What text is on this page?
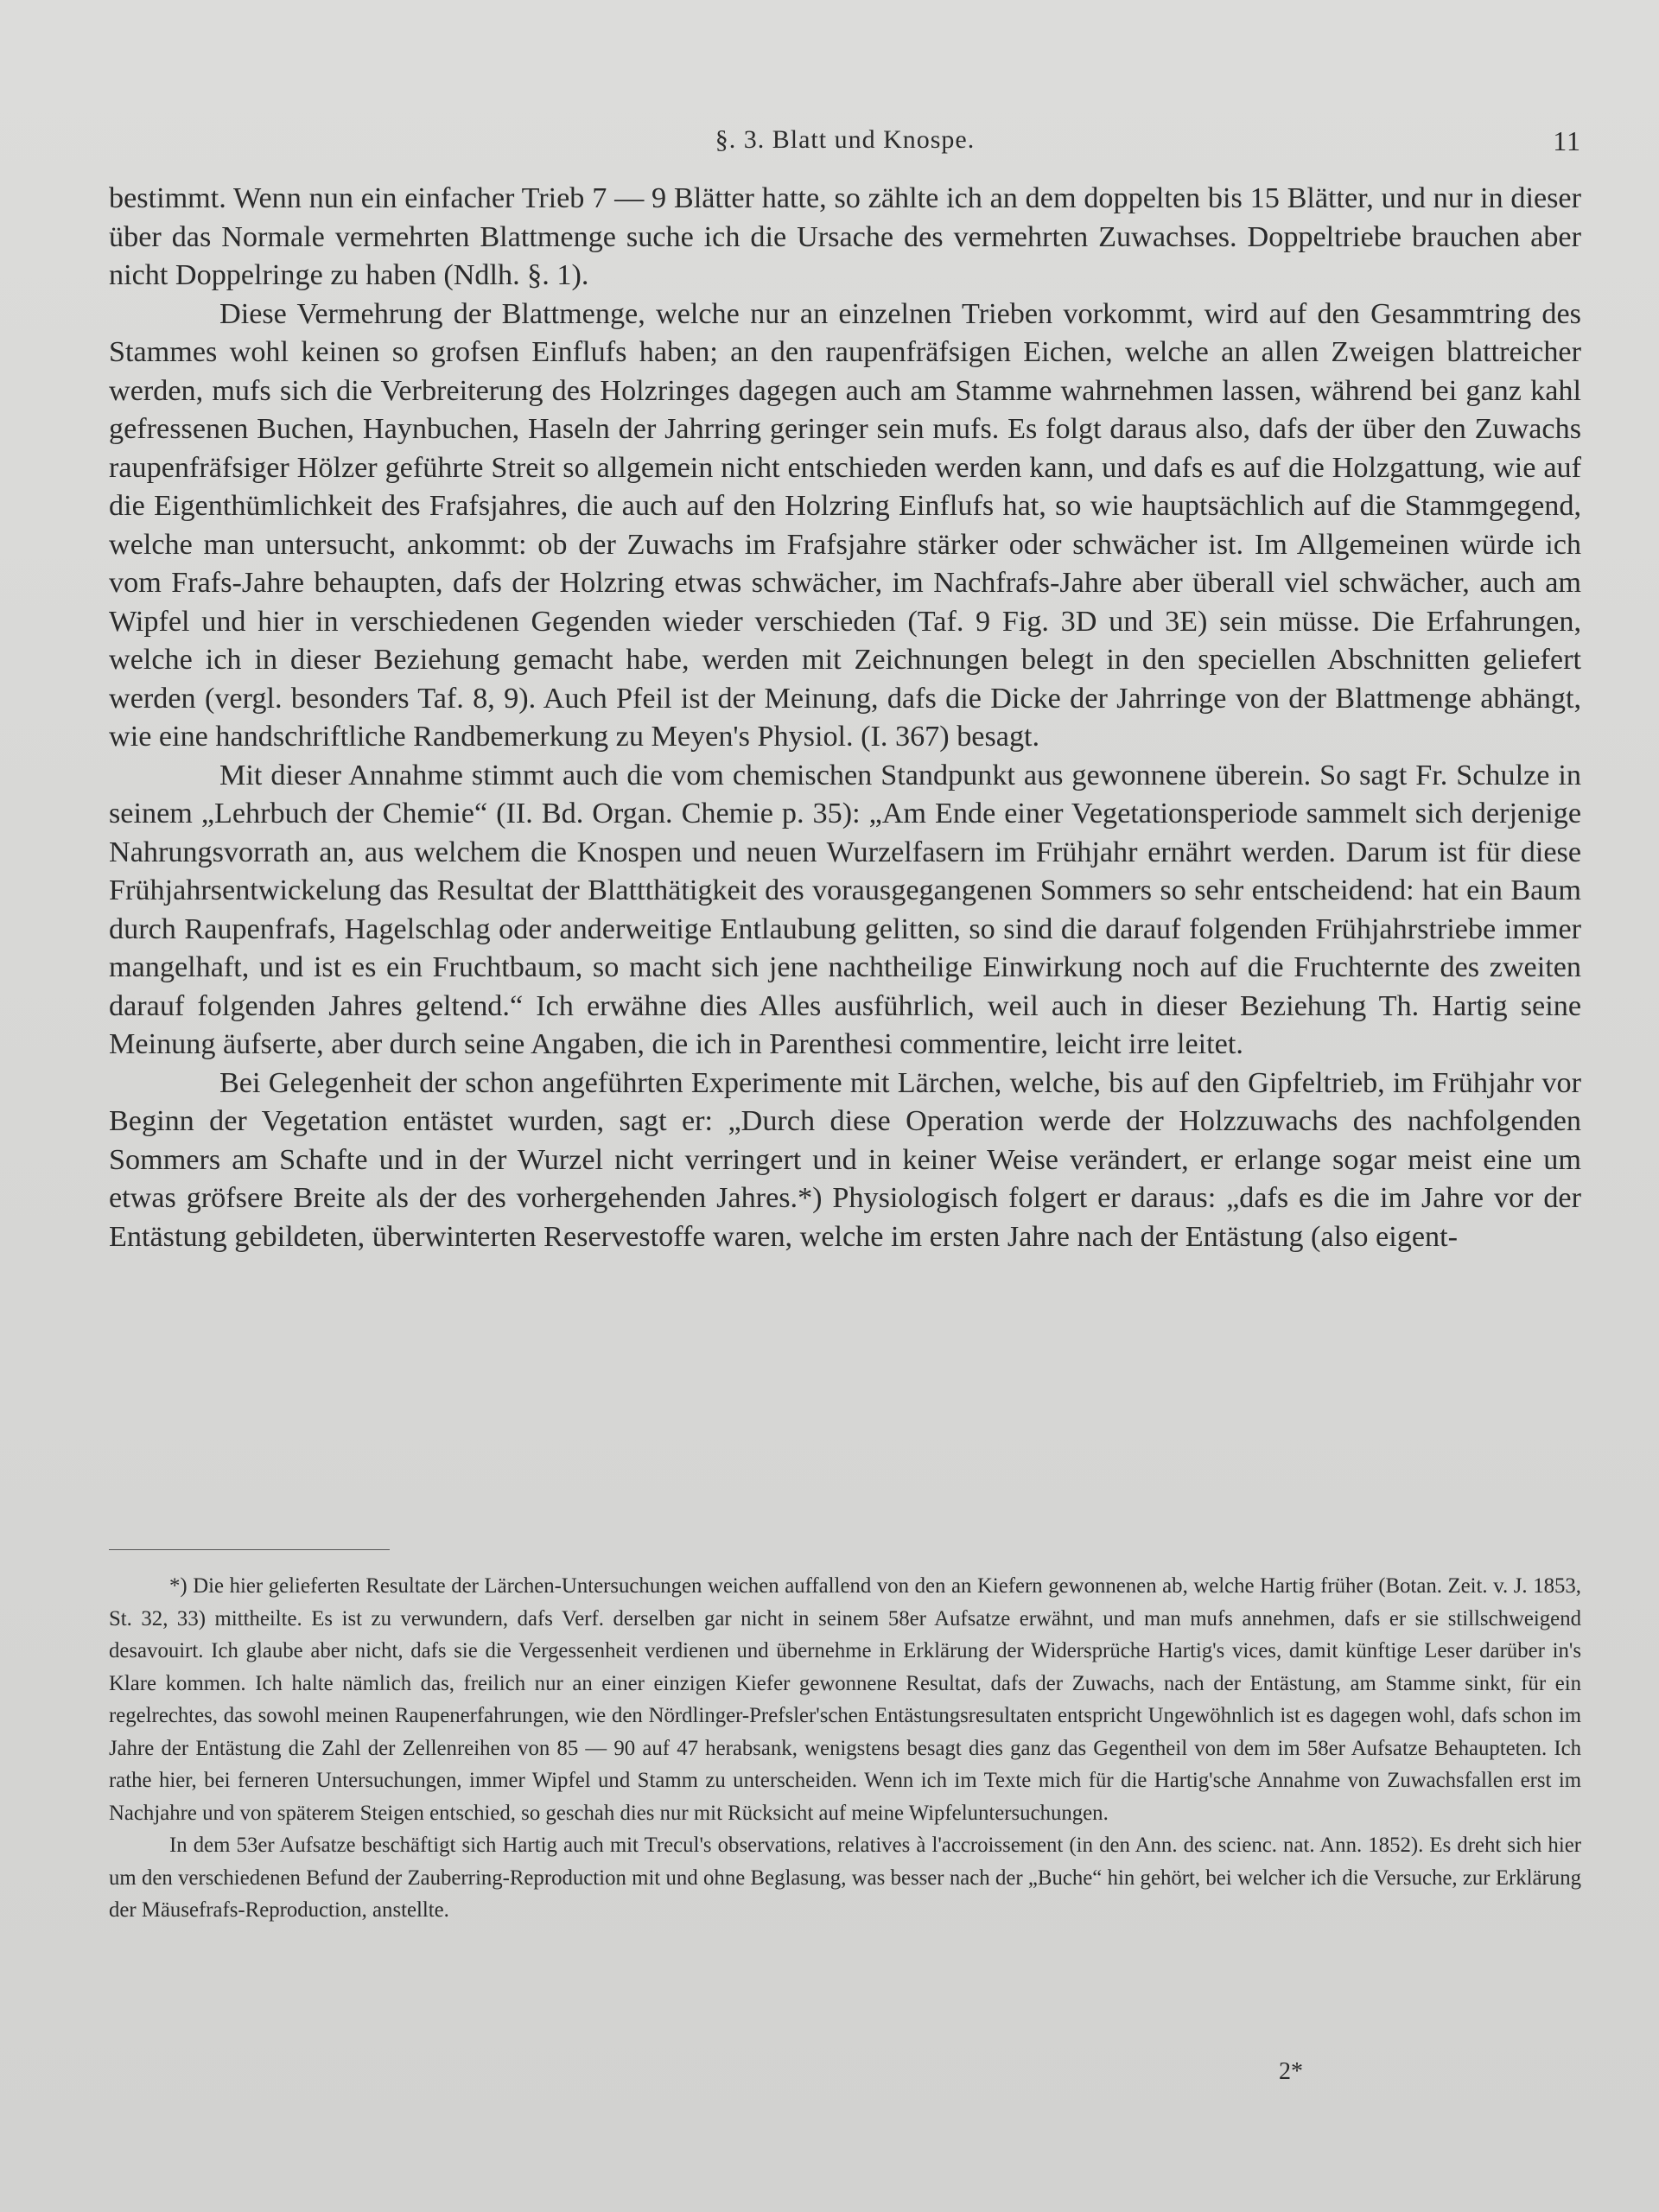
§. 3. Blatt und Knospe.	11

bestimmt. Wenn nun ein einfacher Trieb 7 — 9 Blätter hatte, so zählte ich an dem doppelten bis 15 Blätter, und nur in dieser über das Normale vermehrten Blattmenge suche ich die Ursache des vermehrten Zuwachses. Doppeltriebe brauchen aber nicht Doppelringe zu haben (Ndlh. §. 1).

Diese Vermehrung der Blattmenge, welche nur an einzelnen Trieben vorkommt, wird auf den Gesammtring des Stammes wohl keinen so grofsen Einflufs haben; an den raupenfräfsigen Eichen, welche an allen Zweigen blattreicher werden, mufs sich die Verbreiterung des Holzringes dagegen auch am Stamme wahrnehmen lassen, während bei ganz kahl gefressenen Buchen, Haynbuchen, Haseln der Jahrring geringer sein mufs. Es folgt daraus also, dafs der über den Zuwachs raupenfräfsiger Hölzer geführte Streit so allgemein nicht entschieden werden kann, und dafs es auf die Holzgattung, wie auf die Eigenthümlichkeit des Frafsjahres, die auch auf den Holzring Einflufs hat, so wie hauptsächlich auf die Stammgegend, welche man untersucht, ankommt: ob der Zuwachs im Frafsjahre stärker oder schwächer ist. Im Allgemeinen würde ich vom Frafs-Jahre behaupten, dafs der Holzring etwas schwächer, im Nachfrafs-Jahre aber überall viel schwächer, auch am Wipfel und hier in verschiedenen Gegenden wieder verschieden (Taf. 9 Fig. 3D und 3E) sein müsse. Die Erfahrungen, welche ich in dieser Beziehung gemacht habe, werden mit Zeichnungen belegt in den speciellen Abschnitten geliefert werden (vergl. besonders Taf. 8, 9). Auch Pfeil ist der Meinung, dafs die Dicke der Jahrringe von der Blattmenge abhängt, wie eine handschriftliche Randbemerkung zu Meyen's Physiol. (I. 367) besagt.

Mit dieser Annahme stimmt auch die vom chemischen Standpunkt aus gewonnene überein. So sagt Fr. Schulze in seinem „Lehrbuch der Chemie“ (II. Bd. Organ. Chemie p. 35): „Am Ende einer Vegetationsperiode sammelt sich derjenige Nahrungsvorrath an, aus welchem die Knospen und neuen Wurzelfasern im Frühjahr ernährt werden. Darum ist für diese Frühjahrsentwickelung das Resultat der Blattthätigkeit des vorausgegangenen Sommers so sehr entscheidend: hat ein Baum durch Raupenfrafs, Hagelschlag oder anderweitige Entlaubung gelitten, so sind die darauf folgenden Frühjahrstriebe immer mangelhaft, und ist es ein Fruchtbaum, so macht sich jene nachtheilige Einwirkung noch auf die Fruchternte des zweiten darauf folgenden Jahres geltend.“ Ich erwähne dies Alles ausführlich, weil auch in dieser Beziehung Th. Hartig seine Meinung äufserte, aber durch seine Angaben, die ich in Parenthesi commentire, leicht irre leitet.

Bei Gelegenheit der schon angeführten Experimente mit Lärchen, welche, bis auf den Gipfeltrieb, im Frühjahr vor Beginn der Vegetation entästet wurden, sagt er: „Durch diese Operation werde der Holzzuwachs des nachfolgenden Sommers am Schafte und in der Wurzel nicht verringert und in keiner Weise verändert, er erlange sogar meist eine um etwas gröfsere Breite als der des vorhergehenden Jahres.*) Physiologisch folgert er daraus: „dafs es die im Jahre vor der Entästung gebildeten, überwinterten Reservestoffe waren, welche im ersten Jahre nach der Entästung (also eigent-

*) Die hier gelieferten Resultate der Lärchen-Untersuchungen weichen auffallend von den an Kiefern gewonnenen ab, welche Hartig früher (Botan. Zeit. v. J. 1853, St. 32, 33) mittheilte. Es ist zu verwundern, dafs Verf. derselben gar nicht in seinem 58er Aufsatze erwähnt, und man mufs annehmen, dafs er sie stillschweigend desavouirt. Ich glaube aber nicht, dafs sie die Vergessenheit verdienen und übernehme in Erklärung der Widersprüche Hartig's vices, damit künftige Leser darüber in's Klare kommen. Ich halte nämlich das, freilich nur an einer einzigen Kiefer gewonnene Resultat, dafs der Zuwachs, nach der Entästung, am Stamme sinkt, für ein regelrechtes, das sowohl meinen Raupenerfahrungen, wie den Nördlinger-Prefsler'schen Entästungsresultaten entspricht Ungewöhnlich ist es dagegen wohl, dafs schon im Jahre der Entästung die Zahl der Zellenreihen von 85 — 90 auf 47 herabsank, wenigstens besagt dies ganz das Gegentheil von dem im 58er Aufsatze Behaupteten. Ich rathe hier, bei ferneren Untersuchungen, immer Wipfel und Stamm zu unterscheiden. Wenn ich im Texte mich für die Hartig'sche Annahme von Zuwachsfallen erst im Nachjahre und von späterem Steigen entschied, so geschah dies nur mit Rücksicht auf meine Wipfeluntersuchungen.

In dem 53er Aufsatze beschäftigt sich Hartig auch mit Trecul's observations, relatives à l'accroissement (in den Ann. des scienc. nat. Ann. 1852). Es dreht sich hier um den verschiedenen Befund der Zauberring-Reproduction mit und ohne Beglasung, was besser nach der „Buche“ hin gehört, bei welcher ich die Versuche, zur Erklärung der Mäusefrafs-Reproduction, anstellte.

2*
